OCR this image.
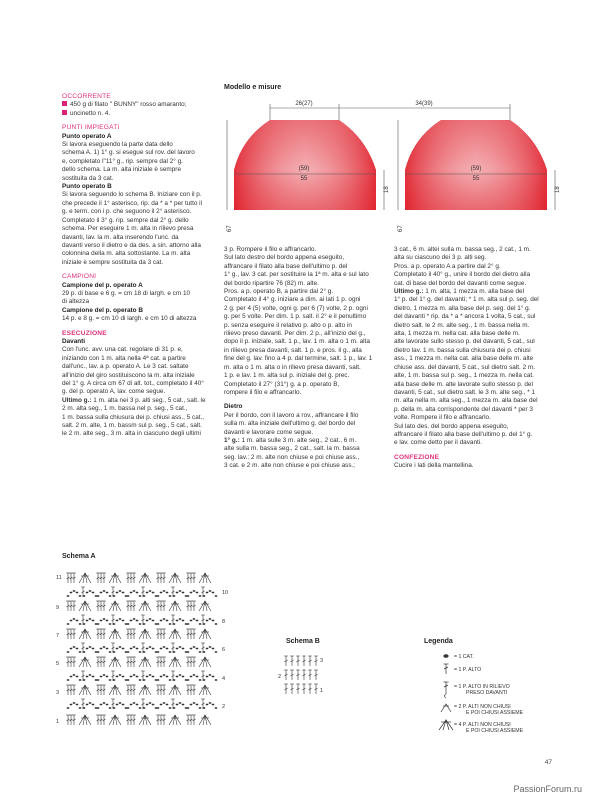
OCCORRENTE

450 g di filato " BUNNY" rosso amaranto;

uncinetto n. 4.

PUNTI IMPIEGATI

Punto operato A

Si lavora eseguendo la parte data dello

schema A. 1) 1° g. si esegue sul rov. del lavoro

e, completato l"11° g., rip. sempre dal 2° g.

dello schema. La m. alta iniziale è sempre

sostituita da 3 cat.

Punto operato B

Si lavora seguendo lo schema B. Iniziare con il p.

che precede il 1° asterisco, rip. da * a * per tutto il

g. e term. con i p. che seguono il 2° asterisco.

Completato il 3° g. rip. sempre dal 2° g. dello

schema. Per eseguire 1 m. alta in rilievo presa

davanti, lav. la m. alta inserendo l'unc. da

davanti verso il dietro e da des. a sin. attorno alla

colonnina della m. alta sottostante. La m. alta

iniziale è sempre sostituita da 3 cat.

CAMPIONI

Campione del p. operato A

29 p. di base e 6 g. = cm 18 di largh. e cm 10

di altezza

Campione del p. operato B

14 p. e 8 g. = cm 10 di largh. e cm 10 di altezza

ESECUZIONE

Davanti

Con l'unc. avv. una cat. regolare di 31 p. e,

iniziando con 1 m. alta nella 4ª cat. a partire

dall'unc., lav. a p. operato A. Le 3 cat. saltate

all'inizio del giro sostituiscono la m. alta iniziale

del 1° g. A circa cm 67 di alt. tot., completato il 40°

g. del p. operato A, lav. come segue.

Ultimo g.: 1 m. alta nei 3 p. alti seg., 5 cat., salt. le

2 m. alta seg., 1 m. bassa nel p. seg., 5 cat.,

1 m. bassa sulla chiusura dei p. chiusi ass., 5 cat.,

salt. 2 m. alte, 1 m. bassm sul p. seg., 5 cat., salt.

le 2 m. alte seg., 3 m. alta in ciascuno degli ultimi

Modello e misure
26(27)	34(39)
(59)
55
(59)
55
18	18
67	67

3 p. Rompere il filo e affrancarlo.

Sul lato destro del bordo appena eseguito,

affrancare il filato alla base dell'ultimo p. del

1° g., lav. 3 cat. per sostituire la 1ª m. alta e sul lato

del bordo ripartire 76 (82) m. alte.

Pros. a p. operato B, a partire dal 2° g.

Completato il 4° g. iniziare a dim. ai lati 1 p. ogni

2 g. per 4 (5) volte, ogni g. per 6 (7) volte, 2 p. ogni

g. per 5 volte. Per dim. 1 p. salt. il 2° e il penultimo

p. senza eseguire il relativo p. alto o p. alto in

rilievo preso davanti. Per dim. 2 p., all'inizio del g.,

dopo il p. iniziale, salt. 1 p., lav. 1 m. alta o 1 m. alta

in rilievo presa davanti, salt. 1 p. e pros. il g., alla

fine del g. lav. fino a 4 p. dal termine, salt. 1 p., lav. 1

m. alta o 1 m. alta o in rilievo presa davanti, salt.

1 p. e lav. 1 m. alta sul p. iniziale del g. prec.

Completato il 27° (31°) g. a p. operato B,

rompere il filo e affrancarlo.

Dietro

Per il bordo, con il lavoro a rov., affrancare il filo

sulla m. alta iniziale dell'ultimo g. del bordo del

davanti e lavorare come segue.

1° g.: 1 m. alta sulle 3 m. alte seg., 2 cat., 6 m.

alte sulla m. bassa seg., 2 cat., salt. la m. bassa

seg. lav.: 2 m. alte non chiuse e poi chiuse ass.,

3 cat. e 2 m. alte non chiuse e poi chiuse ass.;

3 cat., 6 m. altei sulla m. bassa seg., 2 cat., 1 m.

alta su ciascuno dei 3 p. alti seg.

Pros. a p. operato A a partire dal 2° g.

Completato il 40° g., unire il bordo del dietro alla

cat. di base del bordo del davanti come segue.

Ultimo g.: 1 m. alta, 1 mezza m. alla base del

1° p. del 1° g. del davanti; * 1 m. alta sul p. seg. del

dietro, 1 mezza m. alla base del p. seg. del 1° g.

del davanti * rip. da * a * ancora 1 volta, 5 cat., sul

dietro salt. le 2 m. alte seg., 1 m. bassa nella m.

alta, 1 mezza m. nella cat. alla base delle m.

alte lavorate sullo stesso p. del davanti, 5 cat., sul

dietro lav. 1 m. bassa sulla chiusura dei p. chiusi

ass., 1 mezza m. nella cat. alla base delle m. alte

chiuse ass. del davanti, 5 cat., sul dietro salt. 2 m.

alte, 1 m. bassa sul p. seg., 1 mezza m. nella cat.

alla base delle m. alte lavorate sullo stesso p. del

davanti, 5 cat., sul dietro salt. le 3 m. alte seg., * 1

m. alta nella m. alta seg., 1 mezza m. alla base del

p. della m. alta corrispondente del davanti * per 3

volte. Rompere il filo e affrancarlo.

Sul lato des. del bordo appena eseguito,

affrancare il filato alla base dell'ultimo p. del 1° g.

e lav. come detto per il davanti.

CONFEZIONE

Cucire i lati della mantellina.

Schema A
11
9
7
5
3
1
10
8
6
4
2
Schema B
3
2
1
Legenda
= 1 CAT.
= 1 P. ALTO
= 1 P. ALTO IN RILIEVO PRESO DAVANTI
= 2 P. ALTI NON CHIUSI E POI CHIUSI ASSIEME
= 4 P. ALTI NON CHIUSI E POI CHIUSI ASSIEME
47
PassionForum.ru
